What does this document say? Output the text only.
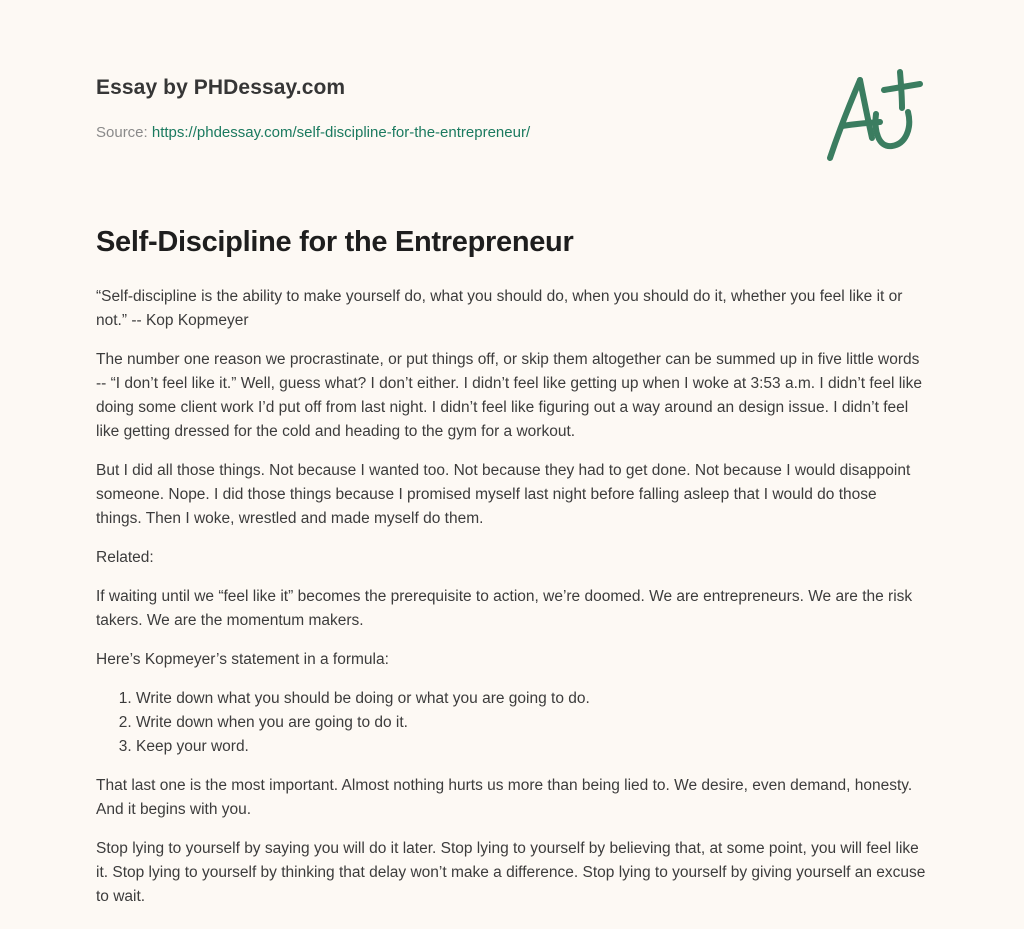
Essay by PHDessay.com
Source: https://phdessay.com/self-discipline-for-the-entrepreneur/
Self-Discipline for the Entrepreneur

“Self-discipline is the ability to make yourself do, what you should do, when you should do it, whether you feel like it or not.” -- Kop Kopmeyer

The number one reason we procrastinate, or put things off, or skip them altogether can be summed up in five little words -- “I don’t feel like it.” Well, guess what? I don’t either. I didn’t feel like getting up when I woke at 3:53 a.m. I didn’t feel like doing some client work I’d put off from last night. I didn’t feel like figuring out a way around an design issue. I didn’t feel like getting dressed for the cold and heading to the gym for a workout.

But I did all those things. Not because I wanted too. Not because they had to get done. Not because I would disappoint someone. Nope. I did those things because I promised myself last night before falling asleep that I would do those things. Then I woke, wrestled and made myself do them.

Related:

If waiting until we “feel like it” becomes the prerequisite to action, we’re doomed. We are entrepreneurs. We are the risk takers. We are the momentum makers.

Here’s Kopmeyer’s statement in a formula:

1. Write down what you should be doing or what you are going to do.
2. Write down when you are going to do it.
3. Keep your word.

That last one is the most important. Almost nothing hurts us more than being lied to. We desire, even demand, honesty. And it begins with you.

Stop lying to yourself by saying you will do it later. Stop lying to yourself by believing that, at some point, you will feel like it. Stop lying to yourself by thinking that delay won’t make a difference. Stop lying to yourself by giving yourself an excuse to wait.
